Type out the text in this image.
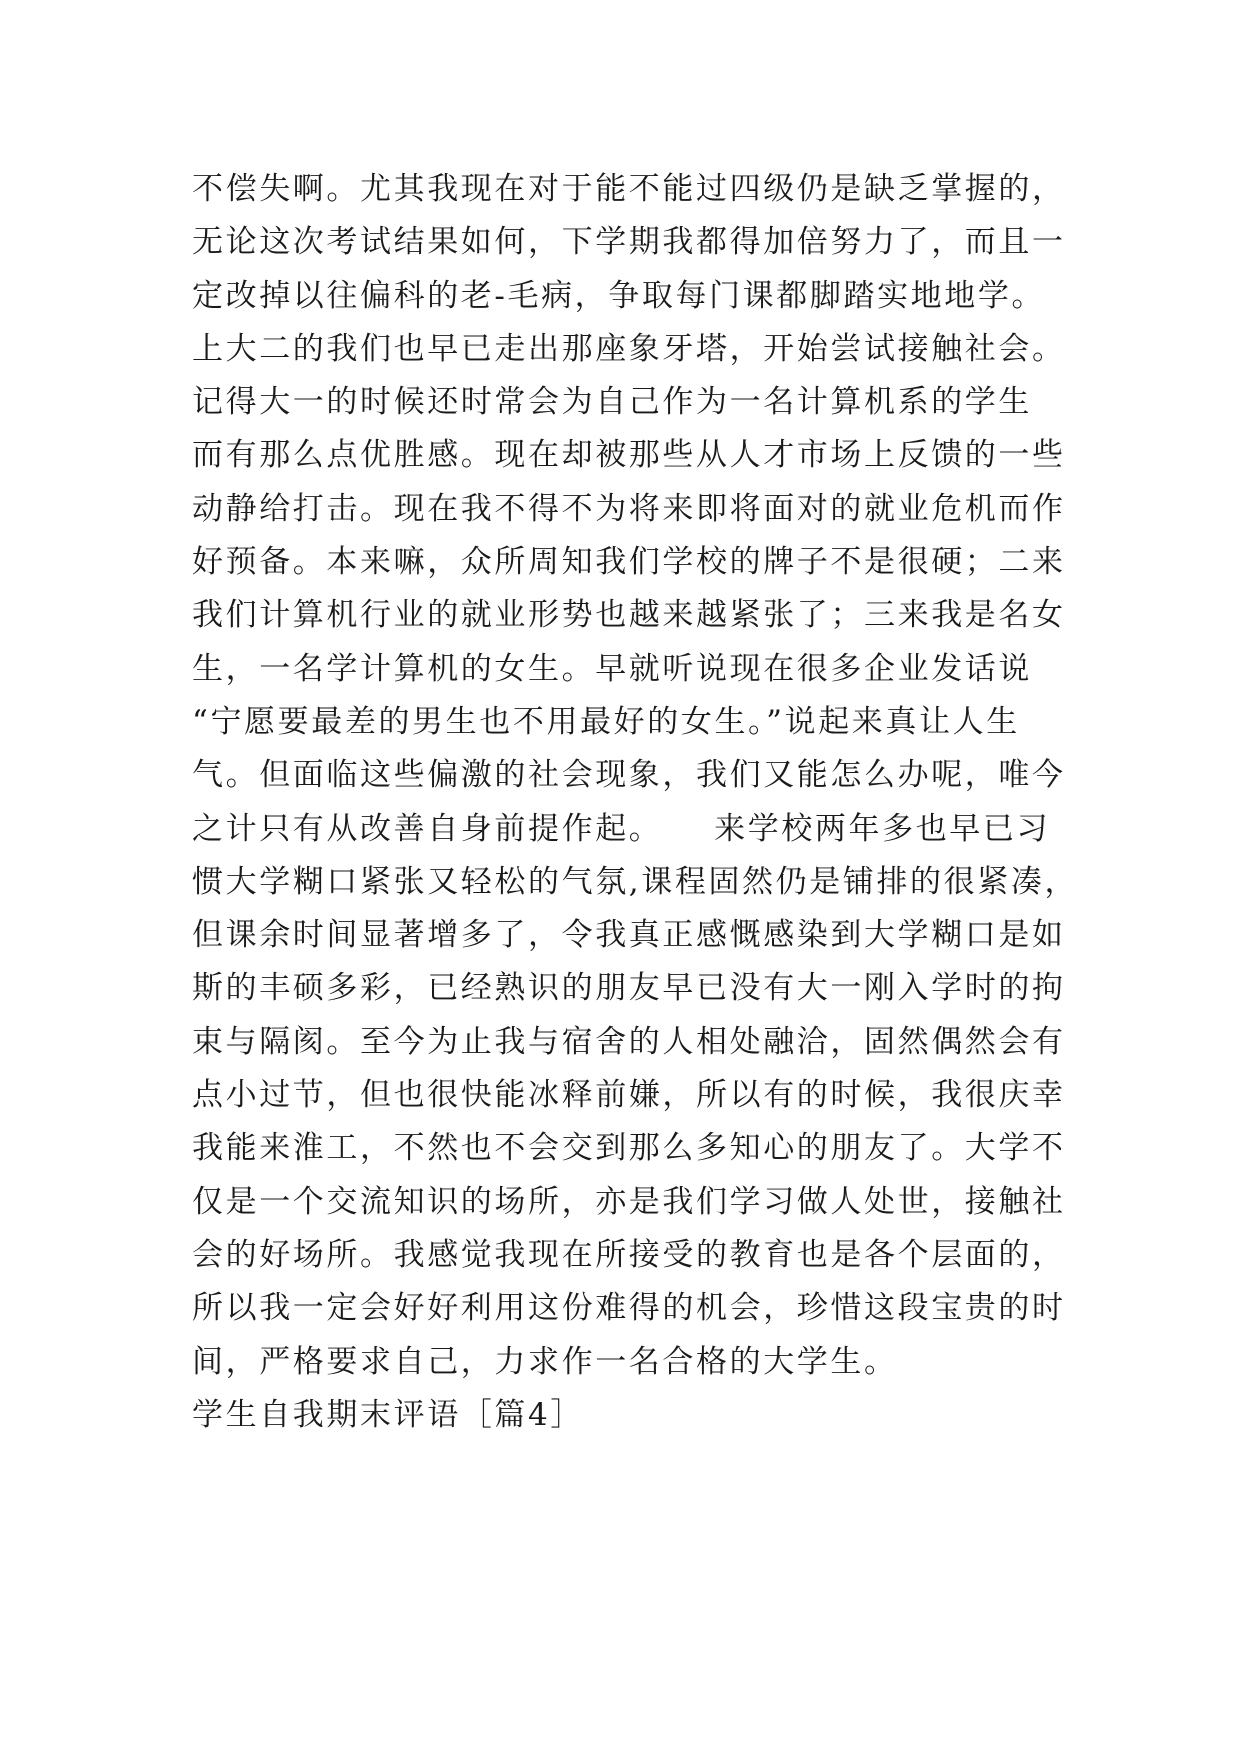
不偿失啊。尤其我现在对于能不能过四级仍是缺乏掌握的，
无论这次考试结果如何，下学期我都得加倍努力了，而且一
定改掉以往偏科的老-毛病，争取每门课都脚踏实地地学。
上大二的我们也早已走出那座象牙塔，开始尝试接触社会。
记得大一的时候还时常会为自己作为一名计算机系的学生
而有那么点优胜感。现在却被那些从人才市场上反馈的一些
动静给打击。现在我不得不为将来即将面对的就业危机而作
好预备。本来嘛，众所周知我们学校的牌子不是很硬；二来
我们计算机行业的就业形势也越来越紧张了；三来我是名女
生，一名学计算机的女生。早就听说现在很多企业发话说
“宁愿要最差的男生也不用最好的女生。”说起来真让人生
气。但面临这些偏激的社会现象，我们又能怎么办呢，唯今
之计只有从改善自身前提作起。　　来学校两年多也早已习
惯大学糊口紧张又轻松的气氛,课程固然仍是铺排的很紧凑，
但课余时间显著增多了，令我真正感慨感染到大学糊口是如
斯的丰硕多彩，已经熟识的朋友早已没有大一刚入学时的拘
束与隔阂。至今为止我与宿舍的人相处融洽，固然偶然会有
点小过节，但也很快能冰释前嫌，所以有的时候，我很庆幸
我能来淮工，不然也不会交到那么多知心的朋友了。大学不
仅是一个交流知识的场所，亦是我们学习做人处世，接触社
会的好场所。我感觉我现在所接受的教育也是各个层面的，
所以我一定会好好利用这份难得的机会，珍惜这段宝贵的时
间，严格要求自己，力求作一名合格的大学生。
学生自我期末评语［篇4］
